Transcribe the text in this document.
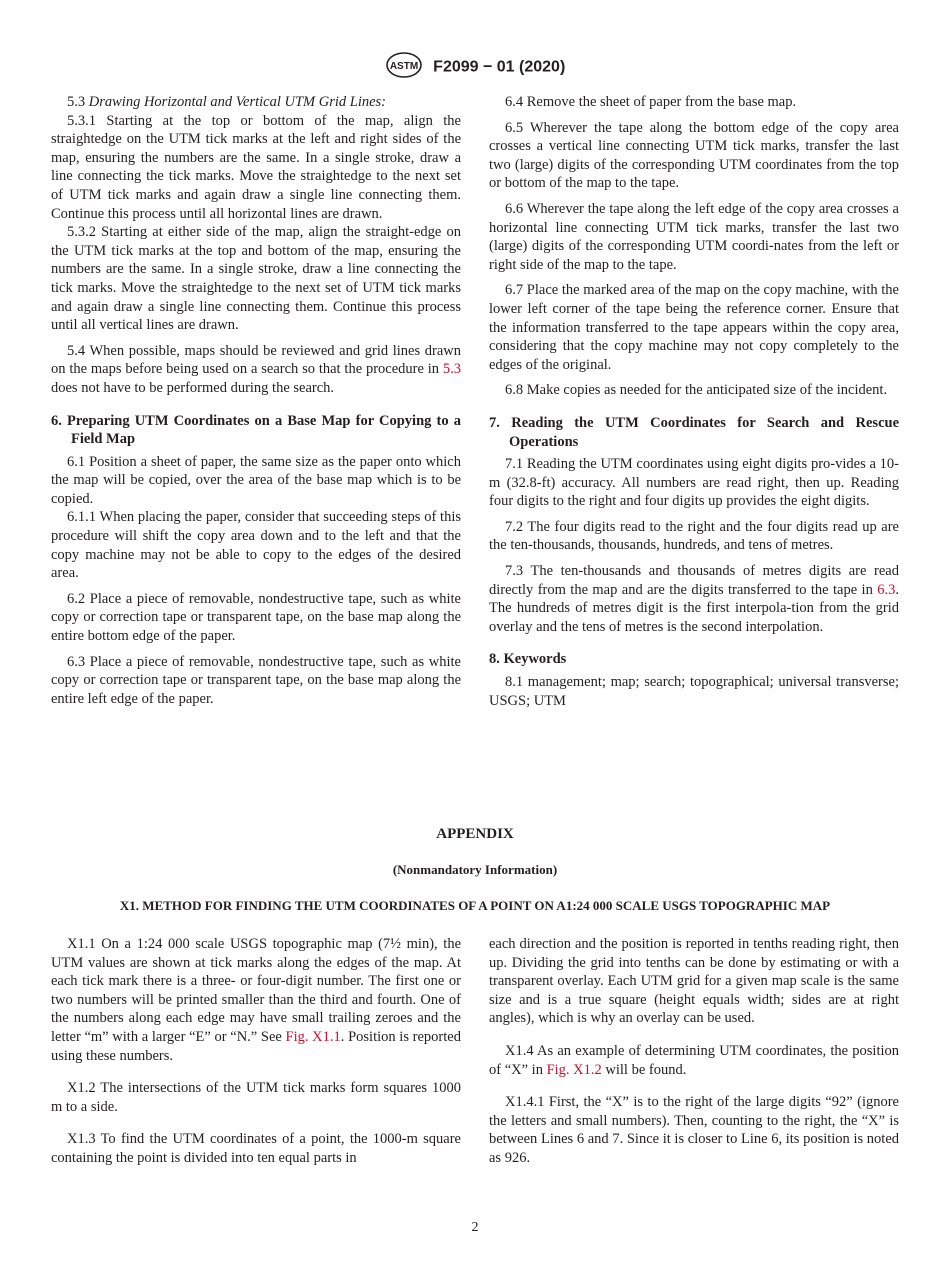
ASTM F2099 − 01 (2020)

5.3 Drawing Horizontal and Vertical UTM Grid Lines:

5.3.1 Starting at the top or bottom of the map, align the straightedge on the UTM tick marks at the left and right sides of the map, ensuring the numbers are the same. In a single stroke, draw a line connecting the tick marks. Move the straightedge to the next set of UTM tick marks and again draw a single line connecting them. Continue this process until all horizontal lines are drawn.

5.3.2 Starting at either side of the map, align the straight-edge on the UTM tick marks at the top and bottom of the map, ensuring the numbers are the same. In a single stroke, draw a line connecting the tick marks. Move the straightedge to the next set of UTM tick marks and again draw a single line connecting them. Continue this process until all vertical lines are drawn.

5.4 When possible, maps should be reviewed and grid lines drawn on the maps before being used on a search so that the procedure in 5.3 does not have to be performed during the search.

6. Preparing UTM Coordinates on a Base Map for Copying to a Field Map

6.1 Position a sheet of paper, the same size as the paper onto which the map will be copied, over the area of the base map which is to be copied.

6.1.1 When placing the paper, consider that succeeding steps of this procedure will shift the copy area down and to the left and that the copy machine may not be able to copy to the edges of the desired area.

6.2 Place a piece of removable, nondestructive tape, such as white copy or correction tape or transparent tape, on the base map along the entire bottom edge of the paper.

6.3 Place a piece of removable, nondestructive tape, such as white copy or correction tape or transparent tape, on the base map along the entire left edge of the paper.

6.4 Remove the sheet of paper from the base map.

6.5 Wherever the tape along the bottom edge of the copy area crosses a vertical line connecting UTM tick marks, transfer the last two (large) digits of the corresponding UTM coordinates from the top or bottom of the map to the tape.

6.6 Wherever the tape along the left edge of the copy area crosses a horizontal line connecting UTM tick marks, transfer the last two (large) digits of the corresponding UTM coordi-nates from the left or right side of the map to the tape.

6.7 Place the marked area of the map on the copy machine, with the lower left corner of the tape being the reference corner. Ensure that the information transferred to the tape appears within the copy area, considering that the copy machine may not copy completely to the edges of the original.

6.8 Make copies as needed for the anticipated size of the incident.

7. Reading the UTM Coordinates for Search and Rescue Operations

7.1 Reading the UTM coordinates using eight digits pro-vides a 10-m (32.8-ft) accuracy. All numbers are read right, then up. Reading four digits to the right and four digits up provides the eight digits.

7.2 The four digits read to the right and the four digits read up are the ten-thousands, thousands, hundreds, and tens of metres.

7.3 The ten-thousands and thousands of metres digits are read directly from the map and are the digits transferred to the tape in 6.3. The hundreds of metres digit is the first interpola-tion from the grid overlay and the tens of metres is the second interpolation.

8. Keywords

8.1 management; map; search; topographical; universal transverse; USGS; UTM

APPENDIX
(Nonmandatory Information)
X1. METHOD FOR FINDING THE UTM COORDINATES OF A POINT ON A1:24 000 SCALE USGS TOPOGRAPHIC MAP

X1.1 On a 1:24 000 scale USGS topographic map (7½ min), the UTM values are shown at tick marks along the edges of the map. At each tick mark there is a three- or four-digit number. The first one or two numbers will be printed smaller than the third and fourth. One of the numbers along each edge may have small trailing zeroes and the letter “m” with a larger “E” or “N.” See Fig. X1.1. Position is reported using these numbers.

X1.2 The intersections of the UTM tick marks form squares 1000 m to a side.

X1.3 To find the UTM coordinates of a point, the 1000-m square containing the point is divided into ten equal parts in

each direction and the position is reported in tenths reading right, then up. Dividing the grid into tenths can be done by estimating or with a transparent overlay. Each UTM grid for a given map scale is the same size and is a true square (height equals width; sides are at right angles), which is why an overlay can be used.

X1.4 As an example of determining UTM coordinates, the position of “X” in Fig. X1.2 will be found.

X1.4.1 First, the “X” is to the right of the large digits “92” (ignore the letters and small numbers). Then, counting to the right, the “X” is between Lines 6 and 7. Since it is closer to Line 6, its position is noted as 926.

2
